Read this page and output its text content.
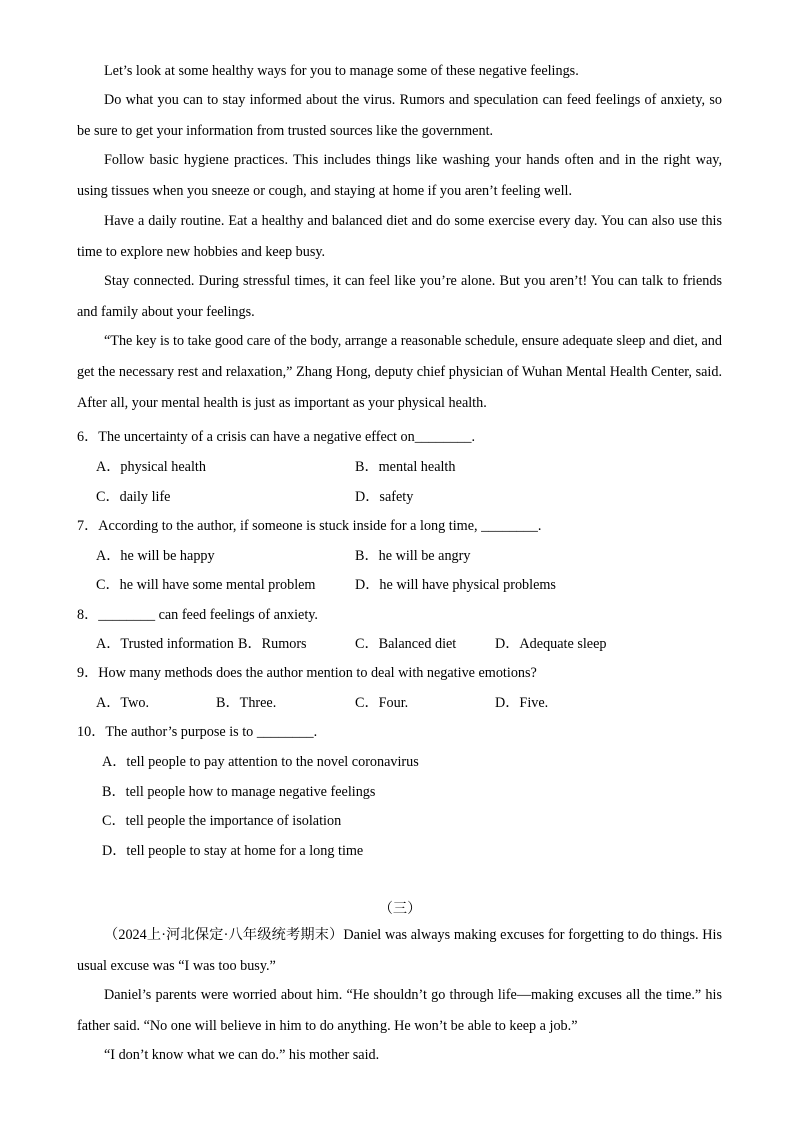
Let’s look at some healthy ways for you to manage some of these negative feelings.

Do what you can to stay informed about the virus. Rumors and speculation can feed feelings of anxiety, so be sure to get your information from trusted sources like the government.

Follow basic hygiene practices. This includes things like washing your hands often and in the right way, using tissues when you sneeze or cough, and staying at home if you aren’t feeling well.

Have a daily routine. Eat a healthy and balanced diet and do some exercise every day. You can also use this time to explore new hobbies and keep busy.

Stay connected. During stressful times, it can feel like you’re alone. But you aren’t! You can talk to friends and family about your feelings.

“The key is to take good care of the body, arrange a reasonable schedule, ensure adequate sleep and diet, and get the necessary rest and relaxation,” Zhang Hong, deputy chief physician of Wuhan Mental Health Center, said. After all, your mental health is just as important as your physical health.

6．The uncertainty of a crisis can have a negative effect on________.

A．physical health	B．mental health

C．daily life	D．safety

7．According to the author, if someone is stuck inside for a long time, ________.

A．he will be happy	B．he will be angry

C．he will have some mental problem	D．he will have physical problems

8．________ can feed feelings of anxiety.

A．Trusted information B．Rumors	C．Balanced diet	D．Adequate sleep

9．How many methods does the author mention to deal with negative emotions?

A．Two.	B．Three.	C．Four.	D．Five.

10．The author’s purpose is to ________.

A．tell people to pay attention to the novel coronavirus

B．tell people how to manage negative feelings

C．tell people the importance of isolation

D．tell people to stay at home for a long time

（三）

（2024上·河北保定·八年级统考期末）Daniel was always making excuses for forgetting to do things. His usual excuse was “I was too busy.”

Daniel’s parents were worried about him. “He shouldn’t go through life—making excuses all the time.” his father said. “No one will believe in him to do anything. He won’t be able to keep a job.”

“I don’t know what we can do.” his mother said.
